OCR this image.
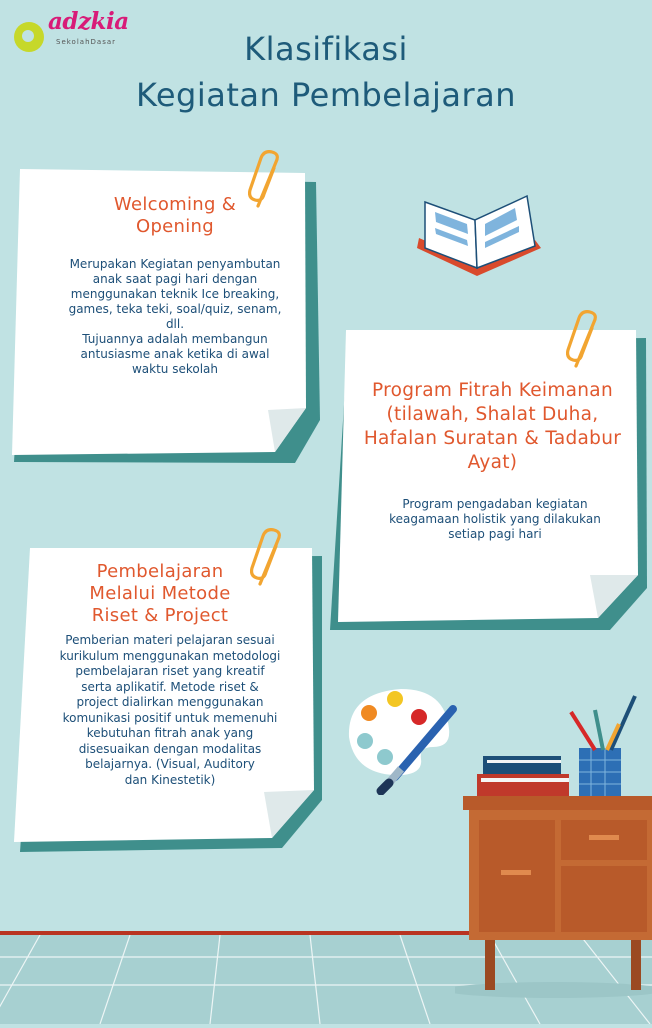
adzkia
SekolahDasar	Klasifikasi
Kegiatan Pembelajaran
Welcoming &
Opening
Merupakan Kegiatan penyambutan
anak saat pagi hari dengan
menggunakan teknik Ice breaking,
games, teka teki, soal/quiz, senam,
dll.
Tujuannya adalah membangun
antusiasme anak ketika di awal
waktu sekolah
Program Fitrah Keimanan
(tilawah, Shalat Duha,
Hafalan Suratan & Tadabur
Ayat)
Program pengadaban kegiatan
keagamaan holistik yang dilakukan
setiap pagi hari
Pembelajaran
Melalui Metode
Riset & Project
Pemberian materi pelajaran sesuai
kurikulum menggunakan metodologi
pembelajaran riset yang kreatif
serta aplikatif. Metode riset &
project dialirkan menggunakan
komunikasi positif untuk memenuhi
kebutuhan fitrah anak yang
disesuaikan dengan modalitas
belajarnya. (Visual, Auditory
dan Kinestetik)
